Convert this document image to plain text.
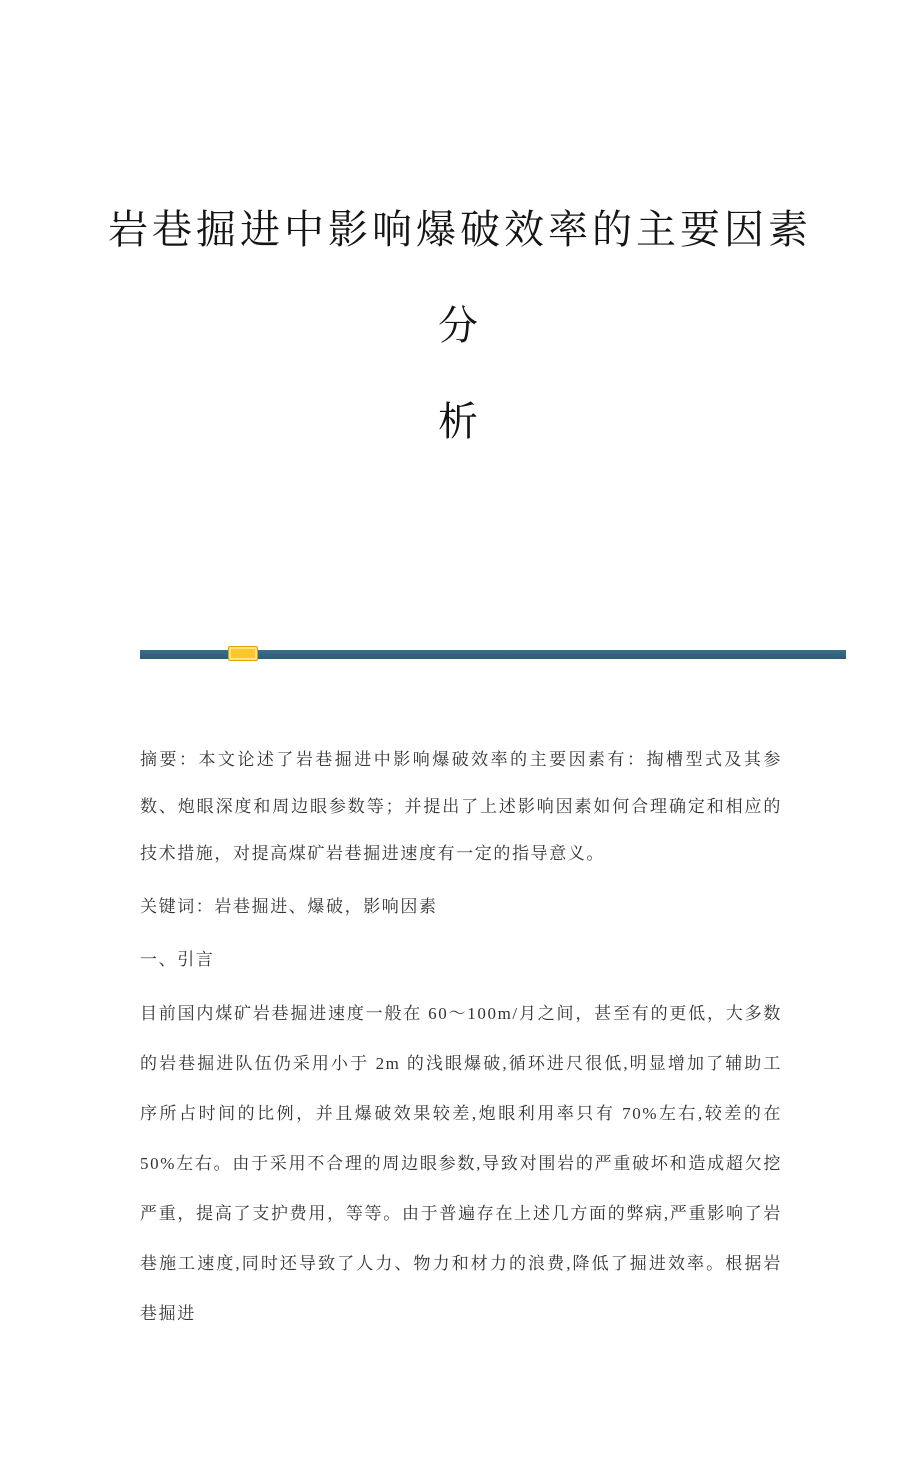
岩巷掘进中影响爆破效率的主要因素分
析

摘要：本文论述了岩巷掘进中影响爆破效率的主要因素有：掏槽型式及其参数、炮眼深度和周边眼参数等；并提出了上述影响因素如何合理确定和相应的技术措施，对提高煤矿岩巷掘进速度有一定的指导意义。

关键词：岩巷掘进、爆破，影响因素

一、引言

目前国内煤矿岩巷掘进速度一般在 60～100m/月之间，甚至有的更低，大多数的岩巷掘进队伍仍采用小于 2m 的浅眼爆破,循环进尺很低,明显增加了辅助工序所占时间的比例，并且爆破效果较差,炮眼利用率只有 70%左右,较差的在 50%左右。由于采用不合理的周边眼参数,导致对围岩的严重破坏和造成超欠挖严重，提高了支护费用，等等。由于普遍存在上述几方面的弊病,严重影响了岩巷施工速度,同时还导致了人力、物力和材力的浪费,降低了掘进效率。根据岩巷掘进
